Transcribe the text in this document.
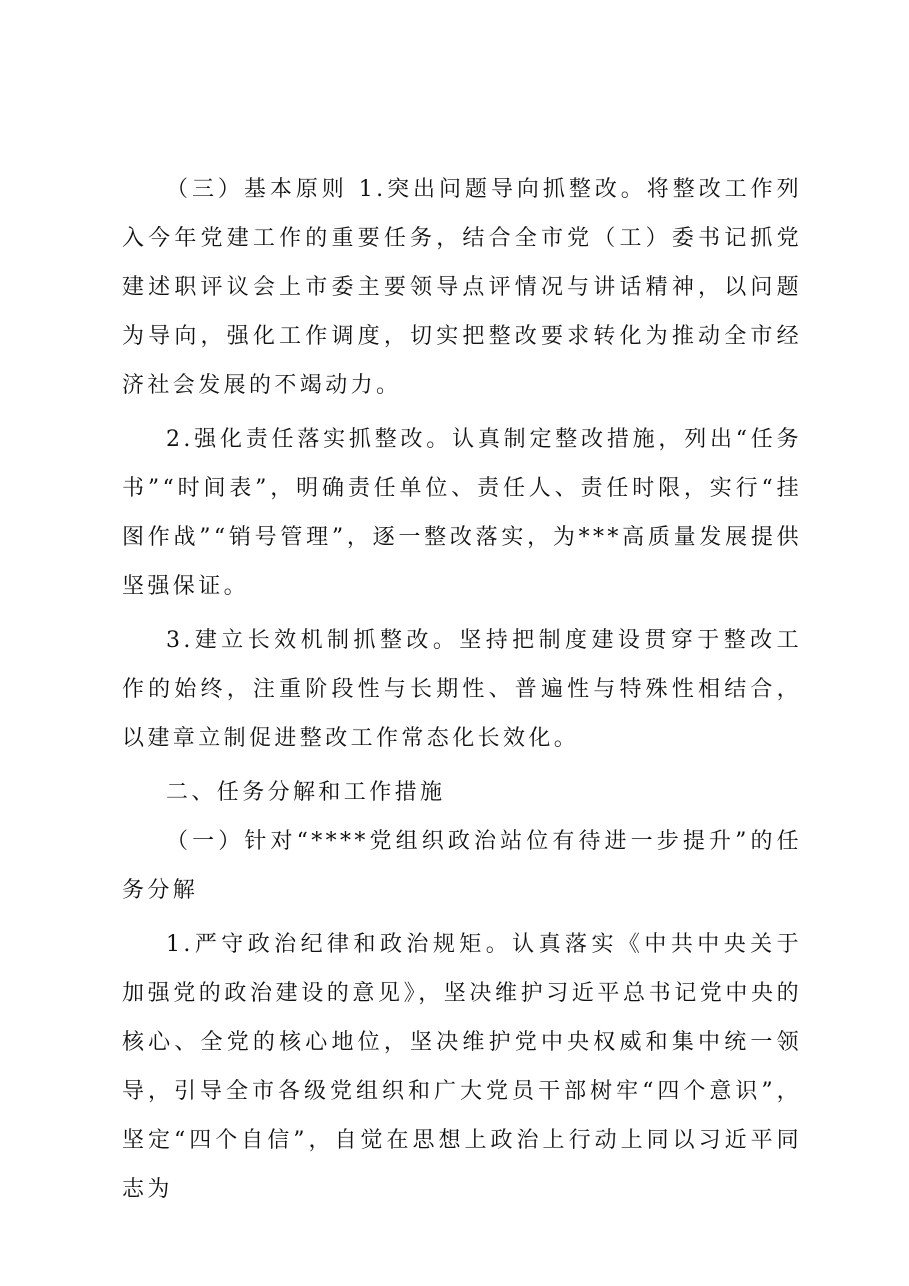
（三）基本原则 1.突出问题导向抓整改。将整改工作列入今年党建工作的重要任务，结合全市党（工）委书记抓党建述职评议会上市委主要领导点评情况与讲话精神，以问题为导向，强化工作调度，切实把整改要求转化为推动全市经济社会发展的不竭动力。

2.强化责任落实抓整改。认真制定整改措施，列出“任务书”“时间表”，明确责任单位、责任人、责任时限，实行“挂图作战”“销号管理”，逐一整改落实，为***高质量发展提供坚强保证。

3.建立长效机制抓整改。坚持把制度建设贯穿于整改工作的始终，注重阶段性与长期性、普遍性与特殊性相结合，以建章立制促进整改工作常态化长效化。

二、任务分解和工作措施

（一）针对“****党组织政治站位有待进一步提升”的任务分解

1.严守政治纪律和政治规矩。认真落实《中共中央关于加强党的政治建设的意见》，坚决维护习近平总书记党中央的核心、全党的核心地位，坚决维护党中央权威和集中统一领导，引导全市各级党组织和广大党员干部树牢“四个意识”，坚定“四个自信”，自觉在思想上政治上行动上同以习近平同志为
